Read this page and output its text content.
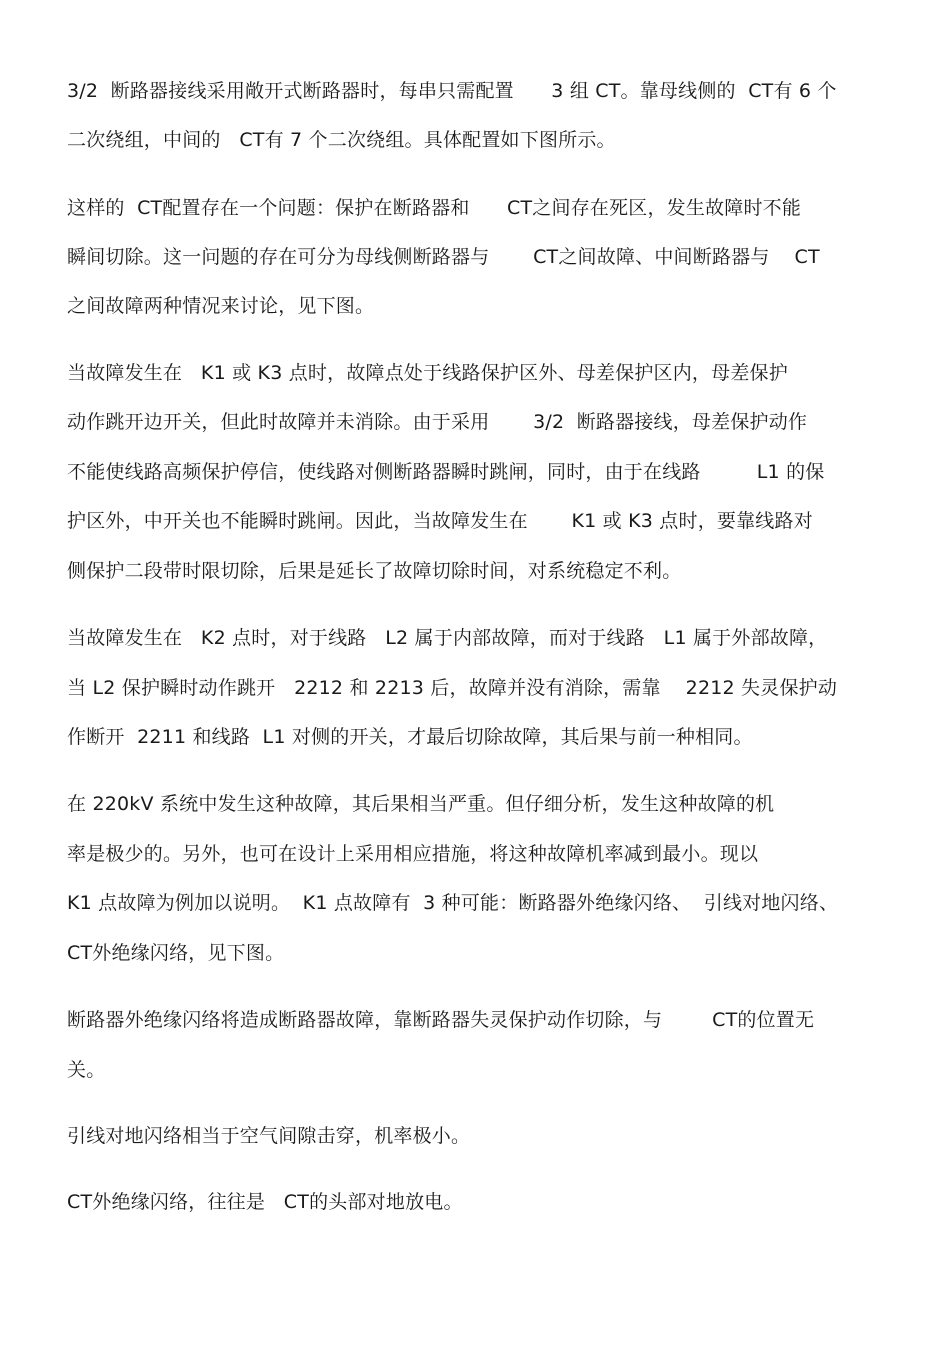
3/2  断路器接线采用敞开式断路器时，每串只需配置      3 组 CT。靠母线侧的  CT有 6 个
二次绕组，中间的   CT有 7 个二次绕组。具体配置如下图所示。
这样的  CT配置存在一个问题：保护在断路器和      CT之间存在死区，发生故障时不能
瞬间切除。这一问题的存在可分为母线侧断路器与       CT之间故障、中间断路器与    CT
之间故障两种情况来讨论，见下图。
当故障发生在   K1 或 K3 点时，故障点处于线路保护区外、母差保护区内，母差保护
动作跳开边开关，但此时故障并未消除。由于采用       3/2  断路器接线，母差保护动作
不能使线路高频保护停信，使线路对侧断路器瞬时跳闸，同时，由于在线路         L1 的保
护区外，中开关也不能瞬时跳闸。因此，当故障发生在       K1 或 K3 点时，要靠线路对
侧保护二段带时限切除，后果是延长了故障切除时间，对系统稳定不利。
当故障发生在   K2 点时，对于线路   L2 属于内部故障，而对于线路   L1 属于外部故障，
当 L2 保护瞬时动作跳开   2212 和 2213 后，故障并没有消除，需靠    2212 失灵保护动
作断开  2211 和线路  L1 对侧的开关，才最后切除故障，其后果与前一种相同。
在 220kV 系统中发生这种故障，其后果相当严重。但仔细分析，发生这种故障的机
率是极少的。另外，也可在设计上采用相应措施，将这种故障机率减到最小。现以
K1 点故障为例加以说明。  K1 点故障有  3 种可能：断路器外绝缘闪络、  引线对地闪络、
CT外绝缘闪络，见下图。
断路器外绝缘闪络将造成断路器故障，靠断路器失灵保护动作切除，与        CT的位置无
关。
引线对地闪络相当于空气间隙击穿，机率极小。
CT外绝缘闪络，往往是   CT的头部对地放电。
